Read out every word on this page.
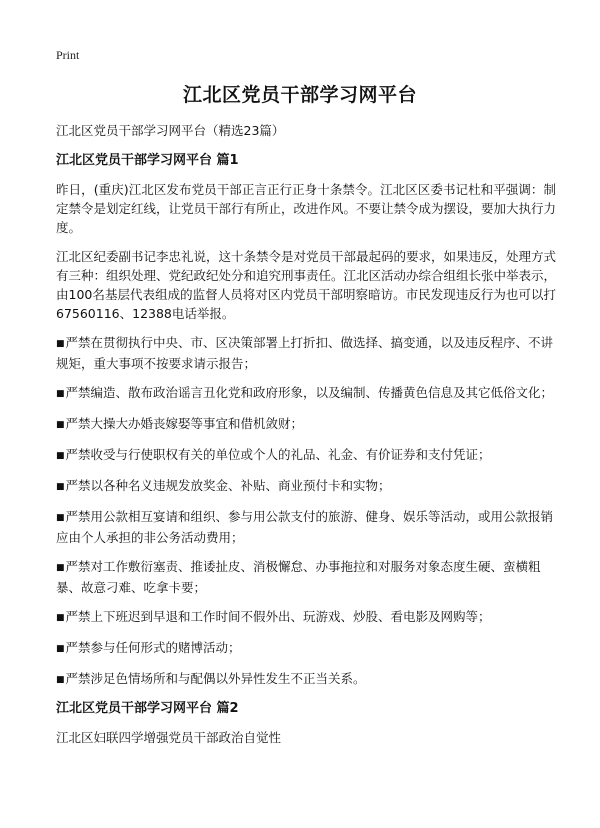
Print
江北区党员干部学习网平台

江北区党员干部学习网平台（精选23篇）

江北区党员干部学习网平台 篇1

昨日，(重庆)江北区发布党员干部正言正行正身十条禁令。江北区区委书记杜和平强调：制定禁令是划定红线，让党员干部行有所止，改进作风。不要让禁令成为摆设，要加大执行力度。

江北区纪委副书记李忠礼说，这十条禁令是对党员干部最起码的要求，如果违反，处理方式有三种：组织处理、党纪政纪处分和追究刑事责任。江北区活动办综合组组长张中举表示，由100名基层代表组成的监督人员将对区内党员干部明察暗访。市民发现违反行为也可以打67560116、12388电话举报。

■ 严禁在贯彻执行中央、市、区决策部署上打折扣、做选择、搞变通，以及违反程序、不讲规矩，重大事项不按要求请示报告；

■ 严禁编造、散布政治谣言丑化党和政府形象，以及编制、传播黄色信息及其它低俗文化；

■ 严禁大操大办婚丧嫁娶等事宜和借机敛财；

■ 严禁收受与行使职权有关的单位或个人的礼品、礼金、有价证券和支付凭证；

■ 严禁以各种名义违规发放奖金、补贴、商业预付卡和实物；

■ 严禁用公款相互宴请和组织、参与用公款支付的旅游、健身、娱乐等活动，或用公款报销应由个人承担的非公务活动费用；

■ 严禁对工作敷衍塞责、推诿扯皮、消极懈怠、办事拖拉和对服务对象态度生硬、蛮横粗暴、故意刁难、吃拿卡要；

■ 严禁上下班迟到早退和工作时间不假外出、玩游戏、炒股、看电影及网购等；

■ 严禁参与任何形式的赌博活动；

■ 严禁涉足色情场所和与配偶以外异性发生不正当关系。

江北区党员干部学习网平台 篇2

江北区妇联四学增强党员干部政治自觉性
